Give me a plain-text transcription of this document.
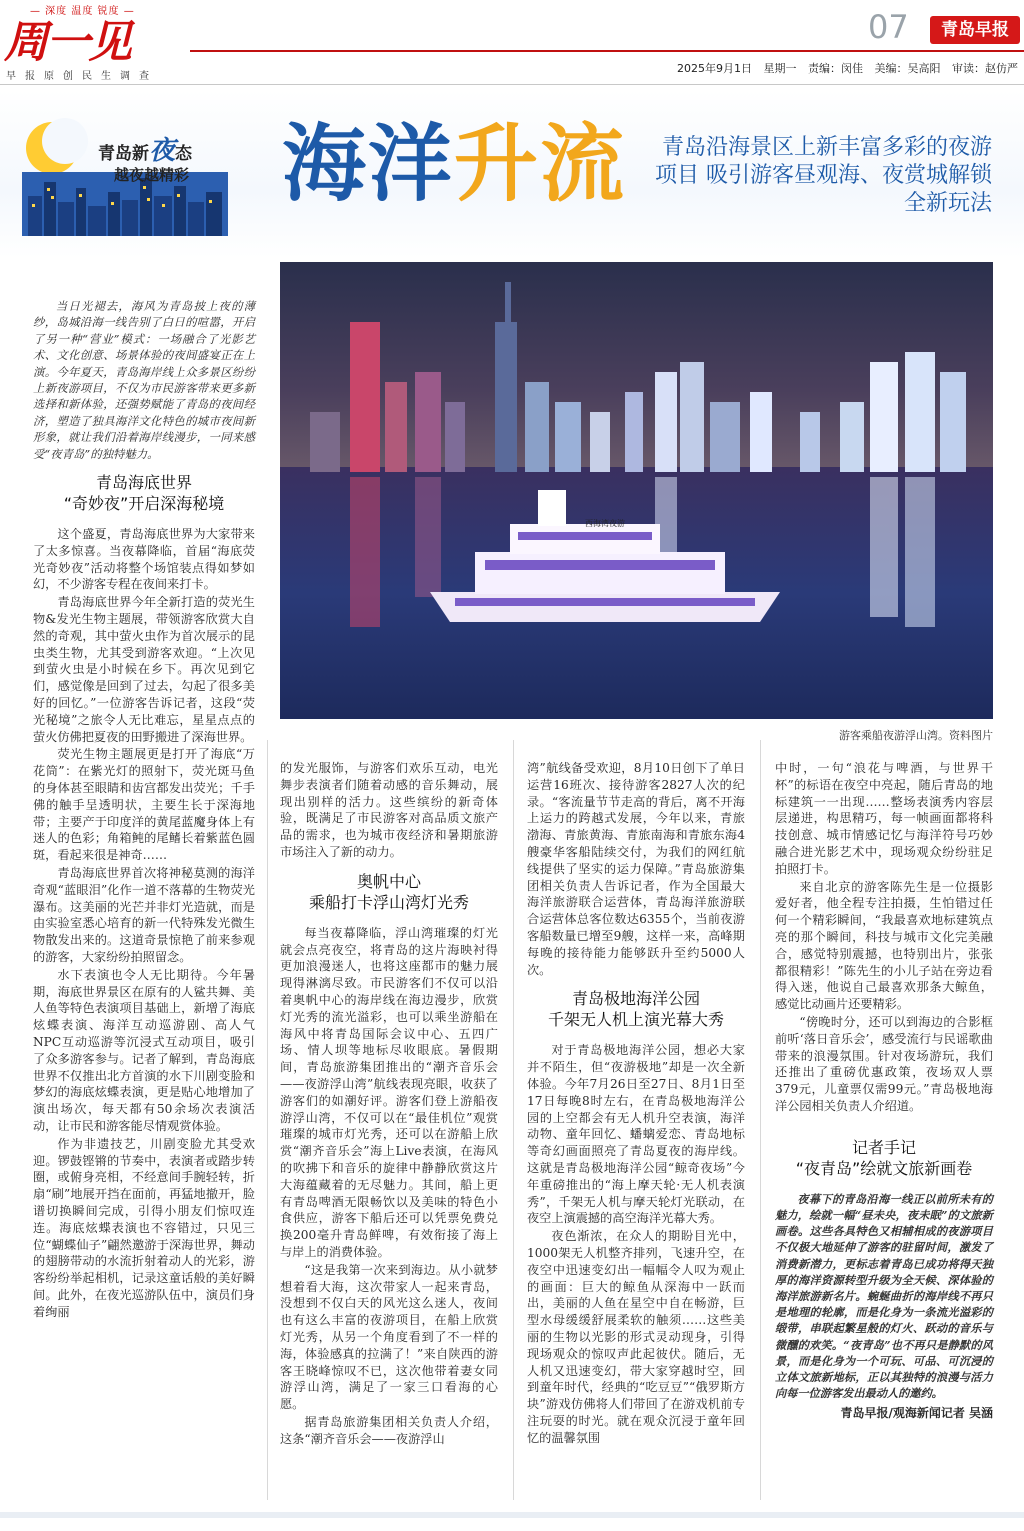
— 深度 温度 锐度 —
周一见
早报原创民生调查
07	青岛早报
2025年9月1日 星期一 责编：闵佳 美编：吴高阳 审读：赵仿严
青岛新夜态
越夜越精彩 海洋升流	青岛沿海景区上新丰富多彩的夜游项目 吸引游客昼观海、夜赏城解锁全新玩法
西海湾夜游
游客乘船夜游浮山湾。资料图片

当日光褪去，海风为青岛披上夜的薄纱，岛城沿海一线告别了白日的喧嚣，开启了另一种“营业”模式：一场融合了光影艺术、文化创意、场景体验的夜间盛宴正在上演。今年夏天，青岛海岸线上众多景区纷纷上新夜游项目，不仅为市民游客带来更多新选择和新体验，还强势赋能了青岛的夜间经济，塑造了独具海洋文化特色的城市夜间新形象，就让我们沿着海岸线漫步，一同来感受“夜青岛”的独特魅力。

青岛海底世界
“奇妙夜”开启深海秘境

这个盛夏，青岛海底世界为大家带来了太多惊喜。当夜幕降临，首届“海底荧光奇妙夜”活动将整个场馆装点得如梦如幻，不少游客专程在夜间来打卡。

青岛海底世界今年全新打造的荧光生物&发光生物主题展，带领游客欣赏大自然的奇观，其中萤火虫作为首次展示的昆虫类生物，尤其受到游客欢迎。“上次见到萤火虫是小时候在乡下。再次见到它们，感觉像是回到了过去，勾起了很多美好的回忆。”一位游客告诉记者，这段“荧光秘境”之旅令人无比难忘，星星点点的萤火仿佛把夏夜的田野搬进了深海世界。

荧光生物主题展更是打开了海底“万花筒”：在紫光灯的照射下，荧光斑马鱼的身体甚至眼睛和齿宫都发出荧光；千手佛的触手呈透明状，主要生长于深海地带；主要产于印度洋的黄尾蓝魔身体上有迷人的色彩；角箱鲀的尾鳍长着紫蓝色圆斑，看起来很是神奇……

青岛海底世界首次将神秘莫测的海洋奇观“蓝眼泪”化作一道不落幕的生物荧光瀑布。这美丽的光芒并非灯光造就，而是由实验室悉心培育的新一代特殊发光微生物散发出来的。这道奇景惊艳了前来参观的游客，大家纷纷拍照留念。

水下表演也令人无比期待。今年暑期，海底世界景区在原有的人鲨共舞、美人鱼等特色表演项目基础上，新增了海底炫蝶表演、海洋互动巡游剧、高人气NPC互动巡游等沉浸式互动项目，吸引了众多游客参与。记者了解到，青岛海底世界不仅推出北方首演的水下川剧变脸和梦幻的海底炫蝶表演，更是贴心地增加了演出场次，每天都有50余场次表演活动，让市民和游客能尽情观赏体验。

作为非遗技艺，川剧变脸尤其受欢迎。锣鼓铿锵的节奏中，表演者或踏步转圈，或俯身亮相，不经意间手腕轻转，折扇“刷”地展开挡在面前，再猛地撤开，脸谱切换瞬间完成，引得小朋友们惊叹连连。海底炫蝶表演也不容错过，只见三位“蝴蝶仙子”翩然邀游于深海世界，舞动的翅膀带动的水流折射着动人的光彩，游客纷纷举起相机，记录这童话般的美好瞬间。此外，在夜光巡游队伍中，演员们身着绚丽

的发光服饰，与游客们欢乐互动，电光舞步表演者们随着动感的音乐舞动，展现出别样的活力。这些缤纷的新奇体验，既满足了市民游客对高品质文旅产品的需求，也为城市夜经济和暑期旅游市场注入了新的动力。

奥帆中心
乘船打卡浮山湾灯光秀

每当夜幕降临，浮山湾璀璨的灯光就会点亮夜空，将青岛的这片海映衬得更加浪漫迷人，也将这座都市的魅力展现得淋漓尽致。市民游客们不仅可以沿着奥帆中心的海岸线在海边漫步，欣赏灯光秀的流光溢彩，也可以乘坐游船在海风中将青岛国际会议中心、五四广场、情人坝等地标尽收眼底。暑假期间，青岛旅游集团推出的“潮齐音乐会——夜游浮山湾”航线表现亮眼，收获了游客们的如潮好评。游客们登上游船夜游浮山湾，不仅可以在“最佳机位”观赏璀璨的城市灯光秀，还可以在游船上欣赏“潮齐音乐会”海上Live表演，在海风的吹拂下和音乐的旋律中静静欣赏这片大海蕴藏着的无尽魅力。其间，船上更有青岛啤酒无限畅饮以及美味的特色小食供应，游客下船后还可以凭票免费兑换200毫升青岛鲜啤，有效衔接了海上与岸上的消费体验。

“这是我第一次来到海边。从小就梦想着看大海，这次带家人一起来青岛，没想到不仅白天的风光这么迷人，夜间也有这么丰富的夜游项目，在船上欣赏灯光秀，从另一个角度看到了不一样的海，体验感真的拉满了！”来自陕西的游客王晓峰惊叹不已，这次他带着妻女同游浮山湾，满足了一家三口看海的心愿。

据青岛旅游集团相关负责人介绍，这条“潮齐音乐会——夜游浮山

湾”航线备受欢迎，8月10日创下了单日运营16班次、接待游客2827人次的纪录。“客流量节节走高的背后，离不开海上运力的跨越式发展，今年以来，青旅渤海、青旅黄海、青旅南海和青旅东海4艘豪华客船陆续交付，为我们的网红航线提供了坚实的运力保障。”青岛旅游集团相关负责人告诉记者，作为全国最大海洋旅游联合运营体，青岛海洋旅游联合运营体总客位数达6355个，当前夜游客船数量已增至9艘，这样一来，高峰期每晚的接待能力能够跃升至约5000人次。

青岛极地海洋公园
千架无人机上演光幕大秀

对于青岛极地海洋公园，想必大家并不陌生，但“夜游极地”却是一次全新体验。今年7月26日至27日、8月1日至17日每晚8时左右，在青岛极地海洋公园的上空都会有无人机升空表演，海洋动物、童年回忆、蟠螭爱恋、青岛地标等奇幻画面照亮了青岛夏夜的海岸线。这就是青岛极地海洋公园“鲸奇夜场”今年重磅推出的“海上摩天轮·无人机表演秀”，千架无人机与摩天轮灯光联动，在夜空上演震撼的高空海洋光幕大秀。

夜色渐浓，在众人的期盼目光中，1000架无人机整齐排列，飞速升空，在夜空中迅速变幻出一幅幅令人叹为观止的画面：巨大的鲸鱼从深海中一跃而出，美丽的人鱼在星空中自在畅游，巨型水母缓缓舒展柔软的触须……这些美丽的生物以光影的形式灵动现身，引得现场观众的惊叹声此起彼伏。随后，无人机又迅速变幻，带大家穿越时空，回到童年时代，经典的“吃豆豆”“俄罗斯方块”游戏仿佛将人们带回了在游戏机前专注玩耍的时光。就在观众沉浸于童年回忆的温馨氛围

中时，一句“浪花与啤酒，与世界干杯”的标语在夜空中亮起，随后青岛的地标建筑一一出现……整场表演秀内容层层递进，构思精巧，每一帧画面都将科技创意、城市情感记忆与海洋符号巧妙融合进光影艺术中，现场观众纷纷驻足拍照打卡。

来自北京的游客陈先生是一位摄影爱好者，他全程专注拍摄，生怕错过任何一个精彩瞬间，“我最喜欢地标建筑点亮的那个瞬间，科技与城市文化完美融合，感觉特别震撼，也特别出片，张张都很精彩！”陈先生的小儿子站在旁边看得入迷，他说自己最喜欢那条大鲸鱼，感觉比动画片还要精彩。

“傍晚时分，还可以到海边的合影框前听‘落日音乐会’，感受流行与民谣歌曲带来的浪漫氛围。针对夜场游玩，我们还推出了重磅优惠政策，夜场双人票379元，儿童票仅需99元。”青岛极地海洋公园相关负责人介绍道。

记者手记
“夜青岛”绘就文旅新画卷

夜幕下的青岛沿海一线正以前所未有的魅力，绘就一幅“昼未央，夜未眠”的文旅新画卷。这些各具特色又相辅相成的夜游项目不仅极大地延伸了游客的驻留时间，激发了消费新潜力，更标志着青岛已成功将得天独厚的海洋资源转型升级为全天候、深体验的海洋旅游新名片。蜿蜒曲折的海岸线不再只是地理的轮廓，而是化身为一条流光溢彩的缎带，串联起繁星般的灯火、跃动的音乐与微醺的欢笑。“夜青岛”也不再只是静默的风景，而是化身为一个可玩、可品、可沉浸的立体文旅新地标，正以其独特的浪漫与活力向每一位游客发出最动人的邀约。

青岛早报/观海新闻记者 吴涵
